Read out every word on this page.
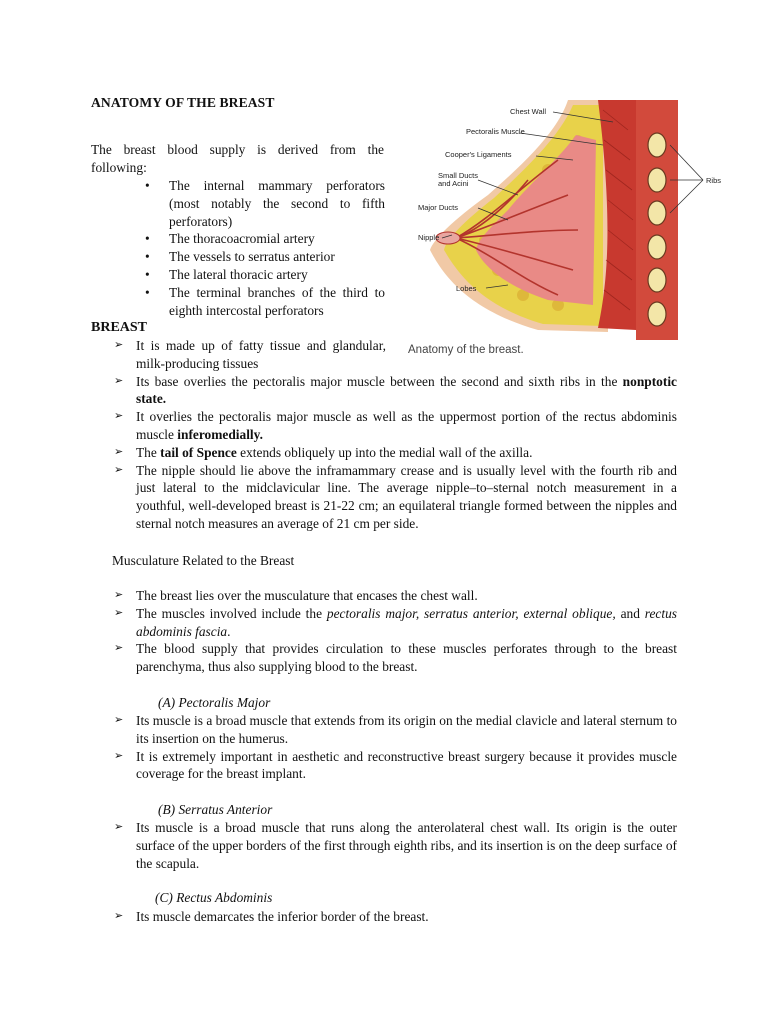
ANATOMY OF THE BREAST
The breast blood supply is derived from the following:
• The internal mammary perforators (most notably the second to fifth perforators)
• The thoracoacromial artery
• The vessels to serratus anterior
• The lateral thoracic artery
• The terminal branches of the third to eighth intercostal perforators
Chest Wall
Pectoralis Muscle
Cooper's Ligaments
Small Ducts
and Acini
Major Ducts
Nipple
Lobes
Ribs
Anatomy of the breast.
BREAST
➢ It is made up of fatty tissue and glandular, milk-producing tissues
➢ Its base overlies the pectoralis major muscle between the second and sixth ribs in the nonptotic state.
➢ It overlies the pectoralis major muscle as well as the uppermost portion of the rectus abdominis muscle inferomedially.
➢ The tail of Spence extends obliquely up into the medial wall of the axilla.
➢ The nipple should lie above the inframammary crease and is usually level with the fourth rib and just lateral to the midclavicular line. The average nipple–to–sternal notch measurement in a youthful, well-developed breast is 21-22 cm; an equilateral triangle formed between the nipples and sternal notch measures an average of 21 cm per side.
Musculature Related to the Breast
➢ The breast lies over the musculature that encases the chest wall.
➢ The muscles involved include the pectoralis major, serratus anterior, external oblique, and rectus abdominis fascia.
➢ The blood supply that provides circulation to these muscles perforates through to the breast parenchyma, thus also supplying blood to the breast.
(A) Pectoralis Major
➢ Its muscle is a broad muscle that extends from its origin on the medial clavicle and lateral sternum to its insertion on the humerus.
➢ It is extremely important in aesthetic and reconstructive breast surgery because it provides muscle coverage for the breast implant.
(B) Serratus Anterior
➢ Its muscle is a broad muscle that runs along the anterolateral chest wall. Its origin is the outer surface of the upper borders of the first through eighth ribs, and its insertion is on the deep surface of the scapula.
(C) Rectus Abdominis
➢ Its muscle demarcates the inferior border of the breast.
